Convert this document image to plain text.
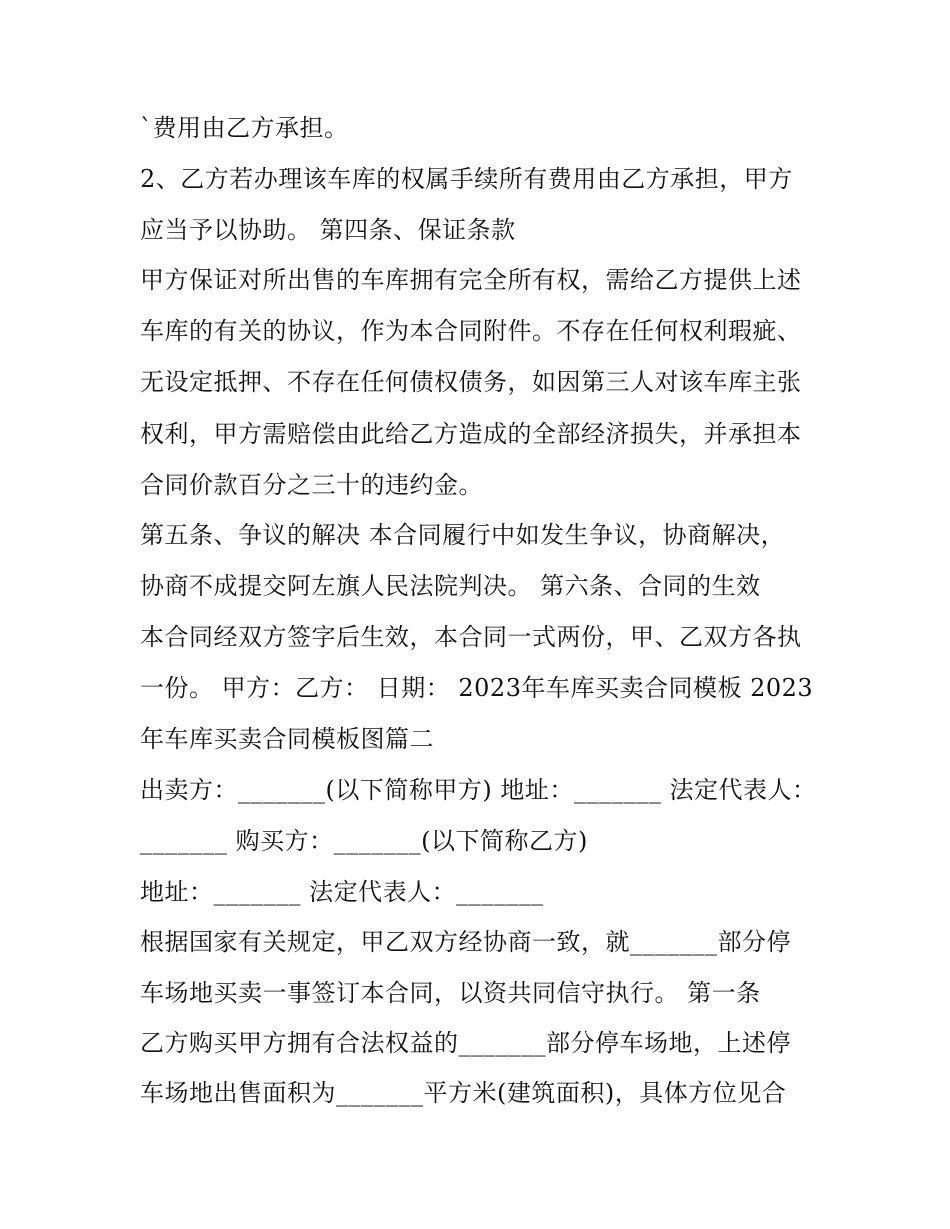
`费用由乙方承担。
2、乙方若办理该车库的权属手续所有费用由乙方承担，甲方
应当予以协助。 第四条、保证条款
甲方保证对所出售的车库拥有完全所有权，需给乙方提供上述
车库的有关的协议，作为本合同附件。不存在任何权利瑕疵、
无设定抵押、不存在任何债权债务，如因第三人对该车库主张
权利，甲方需赔偿由此给乙方造成的全部经济损失，并承担本
合同价款百分之三十的违约金。
第五条、争议的解决 本合同履行中如发生争议，协商解决，
协商不成提交阿左旗人民法院判决。 第六条、合同的生效
本合同经双方签字后生效，本合同一式两份，甲、乙双方各执
一份。 甲方：乙方： 日期： 2023年车库买卖合同模板 2023
年车库买卖合同模板图篇二
出卖方：_______(以下简称甲方) 地址：_______ 法定代表人：
_______ 购买方：_______(以下简称乙方)
地址：_______ 法定代表人：_______
根据国家有关规定，甲乙双方经协商一致，就_______部分停
车场地买卖一事签订本合同，以资共同信守执行。 第一条
乙方购买甲方拥有合法权益的_______部分停车场地，上述停
车场地出售面积为_______平方米(建筑面积)，具体方位见合
